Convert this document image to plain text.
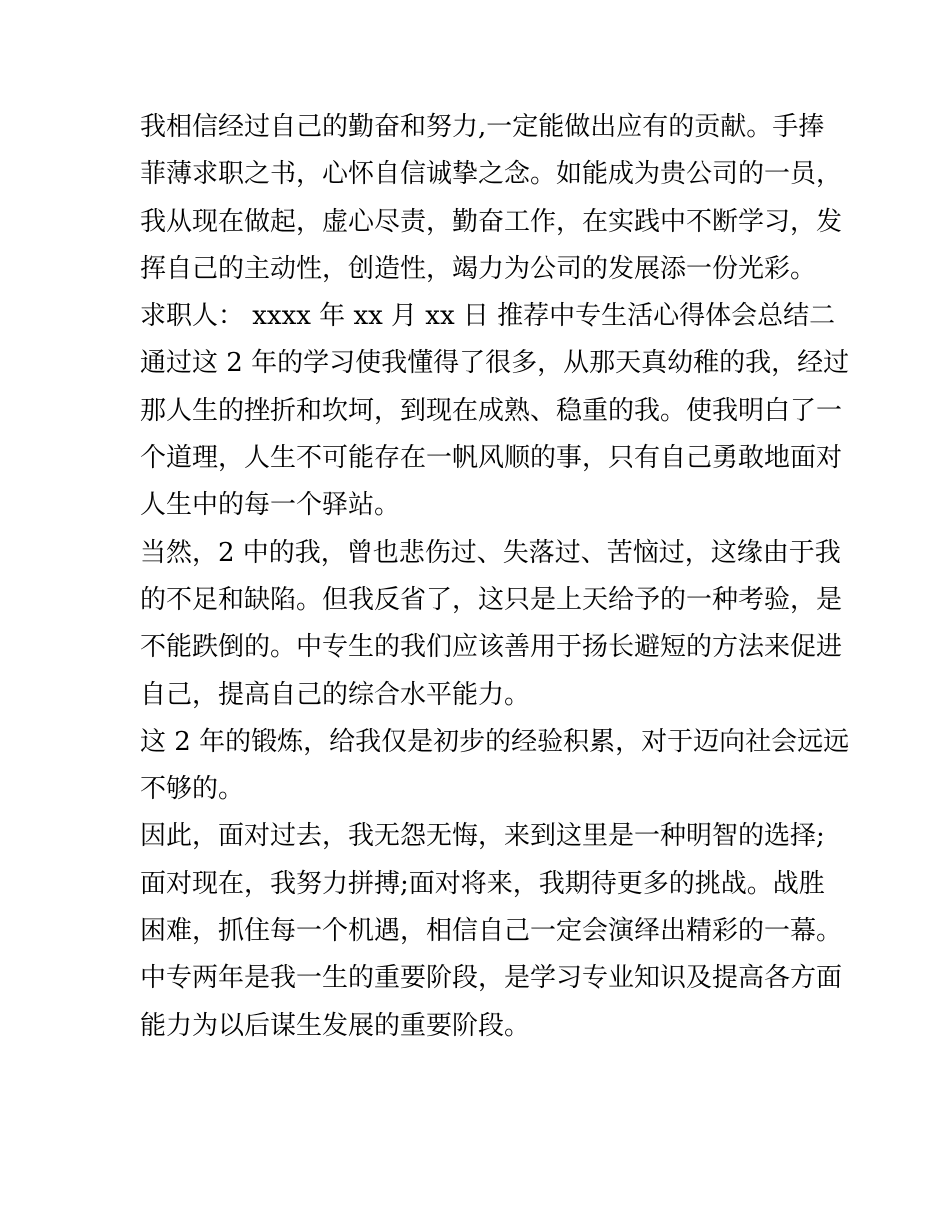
我相信经过自己的勤奋和努力,一定能做出应有的贡献。手捧
菲薄求职之书，心怀自信诚挚之念。如能成为贵公司的一员，
我从现在做起，虚心尽责，勤奋工作，在实践中不断学习，发
挥自己的主动性，创造性，竭力为公司的发展添一份光彩。
求职人： xxxx 年 xx 月 xx 日 推荐中专生活心得体会总结二
通过这 2 年的学习使我懂得了很多，从那天真幼稚的我，经过
那人生的挫折和坎坷，到现在成熟、稳重的我。使我明白了一
个道理，人生不可能存在一帆风顺的事，只有自己勇敢地面对
人生中的每一个驿站。
当然，2 中的我，曾也悲伤过、失落过、苦恼过，这缘由于我
的不足和缺陷。但我反省了，这只是上天给予的一种考验，是
不能跌倒的。中专生的我们应该善用于扬长避短的方法来促进
自己，提高自己的综合水平能力。
这 2 年的锻炼，给我仅是初步的经验积累，对于迈向社会远远
不够的。
因此，面对过去，我无怨无悔，来到这里是一种明智的选择;
面对现在，我努力拼搏;面对将来，我期待更多的挑战。战胜
困难，抓住每一个机遇，相信自己一定会演绎出精彩的一幕。
中专两年是我一生的重要阶段，是学习专业知识及提高各方面
能力为以后谋生发展的重要阶段。
